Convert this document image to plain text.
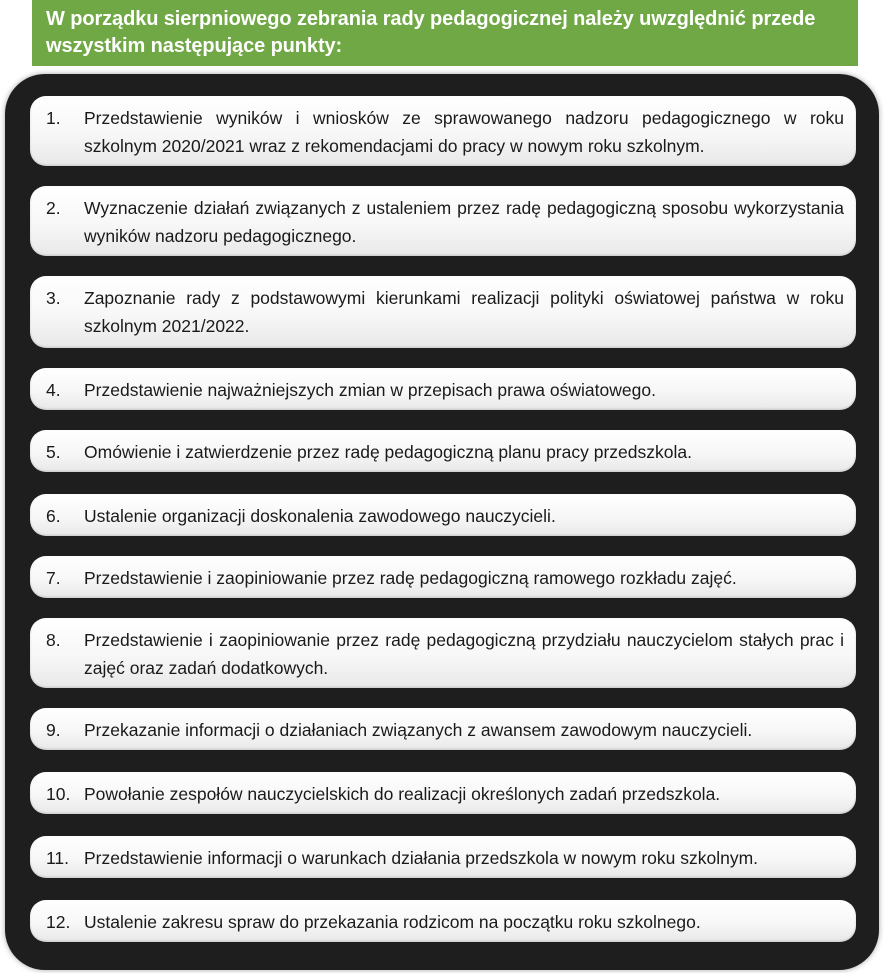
W porządku sierpniowego zebrania rady pedagogicznej należy uwzględnić przede wszystkim następujące punkty:
1. Przedstawienie wyników i wniosków ze sprawowanego nadzoru pedagogicznego w roku szkolnym 2020/2021 wraz z rekomendacjami do pracy w nowym roku szkolnym.
2. Wyznaczenie działań związanych z ustaleniem przez radę pedagogiczną sposobu wykorzystania wyników nadzoru pedagogicznego.
3. Zapoznanie rady z podstawowymi kierunkami realizacji polityki oświatowej państwa w roku szkolnym 2021/2022.
4. Przedstawienie najważniejszych zmian w przepisach prawa oświatowego.
5. Omówienie i zatwierdzenie przez radę pedagogiczną planu pracy przedszkola.
6. Ustalenie organizacji doskonalenia zawodowego nauczycieli.
7. Przedstawienie i zaopiniowanie przez radę pedagogiczną ramowego rozkładu zajęć.
8. Przedstawienie i zaopiniowanie przez radę pedagogiczną przydziału nauczycielom stałych prac i zajęć oraz zadań dodatkowych.
9. Przekazanie informacji o działaniach związanych z awansem zawodowym nauczycieli.
10. Powołanie zespołów nauczycielskich do realizacji określonych zadań przedszkola.
11. Przedstawienie informacji o warunkach działania przedszkola w nowym roku szkolnym.
12. Ustalenie zakresu spraw do przekazania rodzicom na początku roku szkolnego.
